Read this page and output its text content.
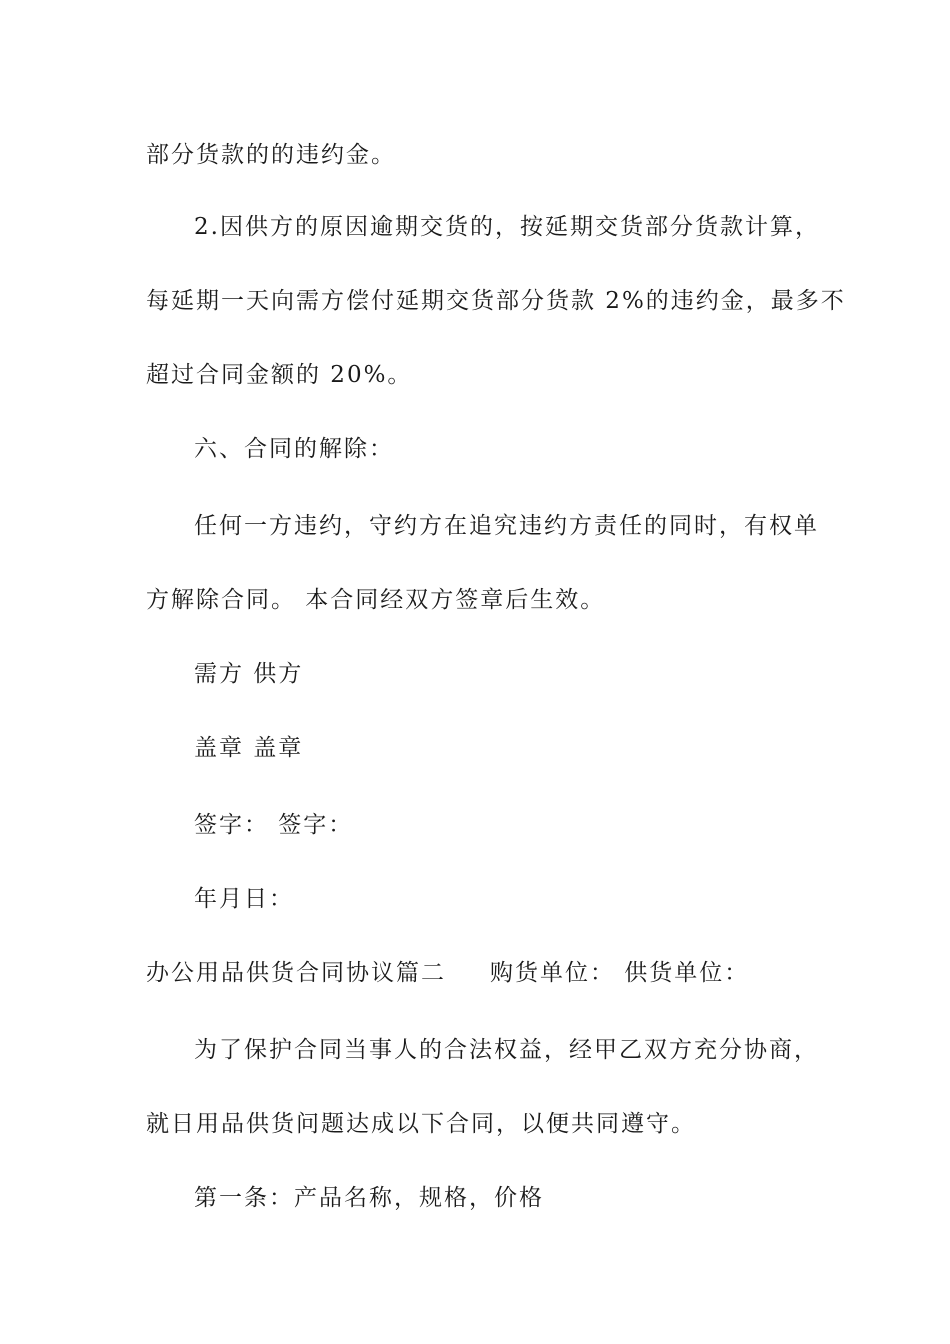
部分货款的的违约金。
2.因供方的原因逾期交货的，按延期交货部分货款计算，
每延期一天向需方偿付延期交货部分货款 2%的违约金，最多不
超过合同金额的 20%。
六、合同的解除：
任何一方违约，守约方在追究违约方责任的同时，有权单
方解除合同。 本合同经双方签章后生效。
需方 供方
盖章 盖章
签字： 签字：
年月日：
办公用品供货合同协议篇二 购货单位： 供货单位：
为了保护合同当事人的合法权益，经甲乙双方充分协商，
就日用品供货问题达成以下合同，以便共同遵守。
第一条：产品名称，规格，价格
